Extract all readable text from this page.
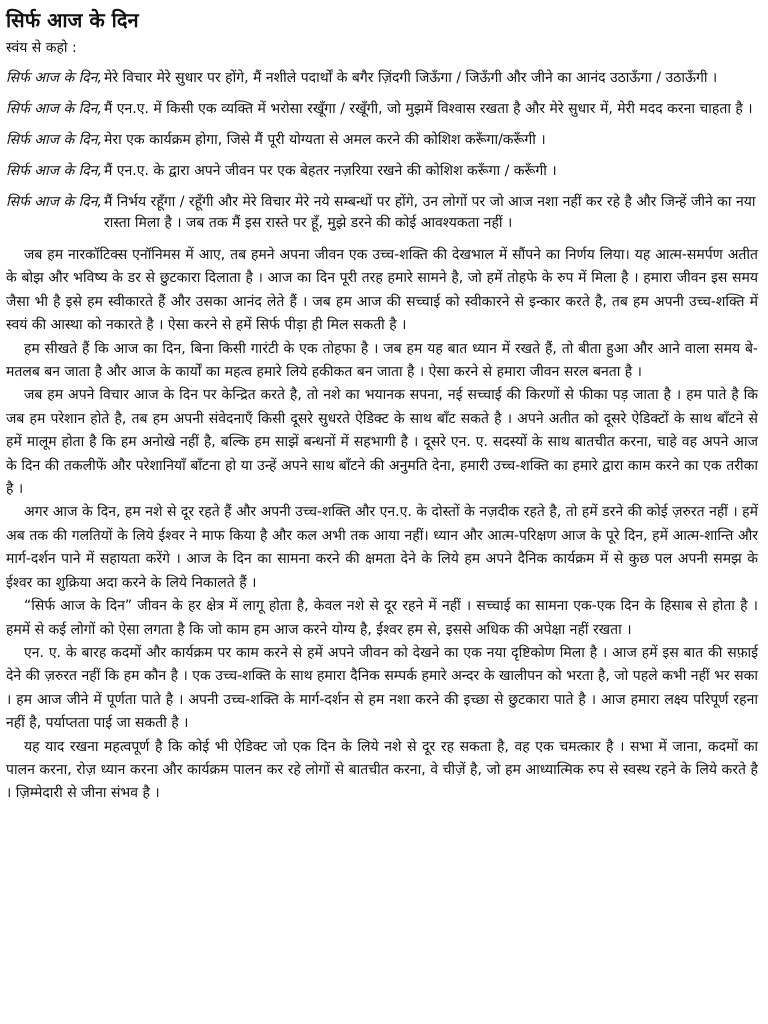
सिर्फ आज के दिन
स्वंय से कहो :
सिर्फ आज के दिन, मेरे विचार मेरे सुधार पर होंगे, मैं नशीले पदार्थों के बगैर ज़िंदगी जिऊँगा / जिऊँगी और जीने का आनंद उठाऊँगा / उठाऊँगी ।
सिर्फ आज के दिन, मैं एन.ए. में किसी एक व्यक्ति में भरोसा रखूँगा / रखूँगी, जो मुझमें विश्वास रखता है और मेरे सुधार में, मेरी मदद करना चाहता है ।
सिर्फ आज के दिन, मेरा एक कार्यक्रम होगा, जिसे मैं पूरी योग्यता से अमल करने की कोशिश करूँगा/करूँगी ।
सिर्फ आज के दिन, मैं एन.ए. के द्वारा अपने जीवन पर एक बेहतर नज़रिया रखने की कोशिश करूँगा / करूँगी ।
सिर्फ आज के दिन, मैं निर्भय रहूँगा / रहूँगी और मेरे विचार मेरे नये सम्बन्धों पर होंगे, उन लोगों पर जो आज नशा नहीं कर रहे है और जिन्हें जीने का नया रास्ता मिला है । जब तक मैं इस रास्ते पर हूँ, मुझे डरने की कोई आवश्यकता नहीं ।

जब हम नारकॉटिक्स एनॉनिमस में आए, तब हमने अपना जीवन एक उच्च-शक्ति की देखभाल में सौंपने का निर्णय लिया। यह आत्म-समर्पण अतीत के बोझ और भविष्य के डर से छुटकारा दिलाता है । आज का दिन पूरी तरह हमारे सामने है, जो हमें तोहफे के रुप में मिला है । हमारा जीवन इस समय जैसा भी है इसे हम स्वीकारते हैं और उसका आनंद लेते हैं । जब हम आज की सच्चाई को स्वीकारने से इन्कार करते है, तब हम अपनी उच्च-शक्ति में स्वयं की आस्था को नकारते है । ऐसा करने से हमें सिर्फ पीड़ा ही मिल सकती है ।

हम सीखते हैं कि आज का दिन, बिना किसी गारंटी के एक तोहफा है । जब हम यह बात ध्यान में रखते हैं, तो बीता हुआ और आने वाला समय बे-मतलब बन जाता है और आज के कार्यों का महत्व हमारे लिये हकीकत बन जाता है । ऐसा करने से हमारा जीवन सरल बनता है ।

जब हम अपने विचार आज के दिन पर केन्द्रित करते है, तो नशे का भयानक सपना, नई सच्चाई की किरणों से फीका पड़ जाता है । हम पाते है कि जब हम परेशान होते है, तब हम अपनी संवेदनाएँ किसी दूसरे सुधरते ऐडिक्ट के साथ बाँट सकते है । अपने अतीत को दूसरे ऐडिक्टों के साथ बाँटने से हमें मालूम होता है कि हम अनोखे नहीं है, बल्कि हम साझें बन्धनों में सहभागी है । दूसरे एन. ए. सदस्यों के साथ बातचीत करना, चाहे वह अपने आज के दिन की तकलीफें और परेशानियाँ बाँटना हो या उन्हें अपने साथ बाँटने की अनुमति देना, हमारी उच्च-शक्ति का हमारे द्वारा काम करने का एक तरीका है ।

अगर आज के दिन, हम नशे से दूर रहते हैं और अपनी उच्च-शक्ति और एन.ए. के दोस्तों के नज़दीक रहते है, तो हमें डरने की कोई ज़रुरत नहीं । हमें अब तक की गलतियों के लिये ईश्वर ने माफ किया है और कल अभी तक आया नहीं। ध्यान और आत्म-परिक्षण आज के पूरे दिन, हमें आत्म-शान्ति और मार्ग-दर्शन पाने में सहायता करेंगे । आज के दिन का सामना करने की क्षमता देने के लिये हम अपने दैनिक कार्यक्रम में से कुछ पल अपनी समझ के ईश्वर का शुक्रिया अदा करने के लिये निकालते हैं ।

“सिर्फ आज के दिन” जीवन के हर क्षेत्र में लागू होता है, केवल नशे से दूर रहने में नहीं । सच्चाई का सामना एक-एक दिन के हिसाब से होता है । हममें से कई लोगों को ऐसा लगता है कि जो काम हम आज करने योग्य है, ईश्वर हम से, इससे अधिक की अपेक्षा नहीं रखता ।

एन. ए. के बारह कदमों और कार्यक्रम पर काम करने से हमें अपने जीवन को देखने का एक नया दृष्टिकोण मिला है । आज हमें इस बात की सफ़ाई देने की ज़रुरत नहीं कि हम कौन है । एक उच्च-शक्ति के साथ हमारा दैनिक सम्पर्क हमारे अन्दर के खालीपन को भरता है, जो पहले कभी नहीं भर सका । हम आज जीने में पूर्णता पाते है । अपनी उच्च-शक्ति के मार्ग-दर्शन से हम नशा करने की इच्छा से छुटकारा पाते है । आज हमारा लक्ष्य परिपूर्ण रहना नहीं है, पर्याप्तता पाई जा सकती है ।

यह याद रखना महत्वपूर्ण है कि कोई भी ऐडिक्ट जो एक दिन के लिये नशे से दूर रह सकता है, वह एक चमत्कार है । सभा में जाना, कदमों का पालन करना, रोज़ ध्यान करना और कार्यक्रम पालन कर रहे लोगों से बातचीत करना, वे चीज़ें है, जो हम आध्यात्मिक रुप से स्वस्थ रहने के लिये करते है । ज़िम्मेदारी से जीना संभव है ।
